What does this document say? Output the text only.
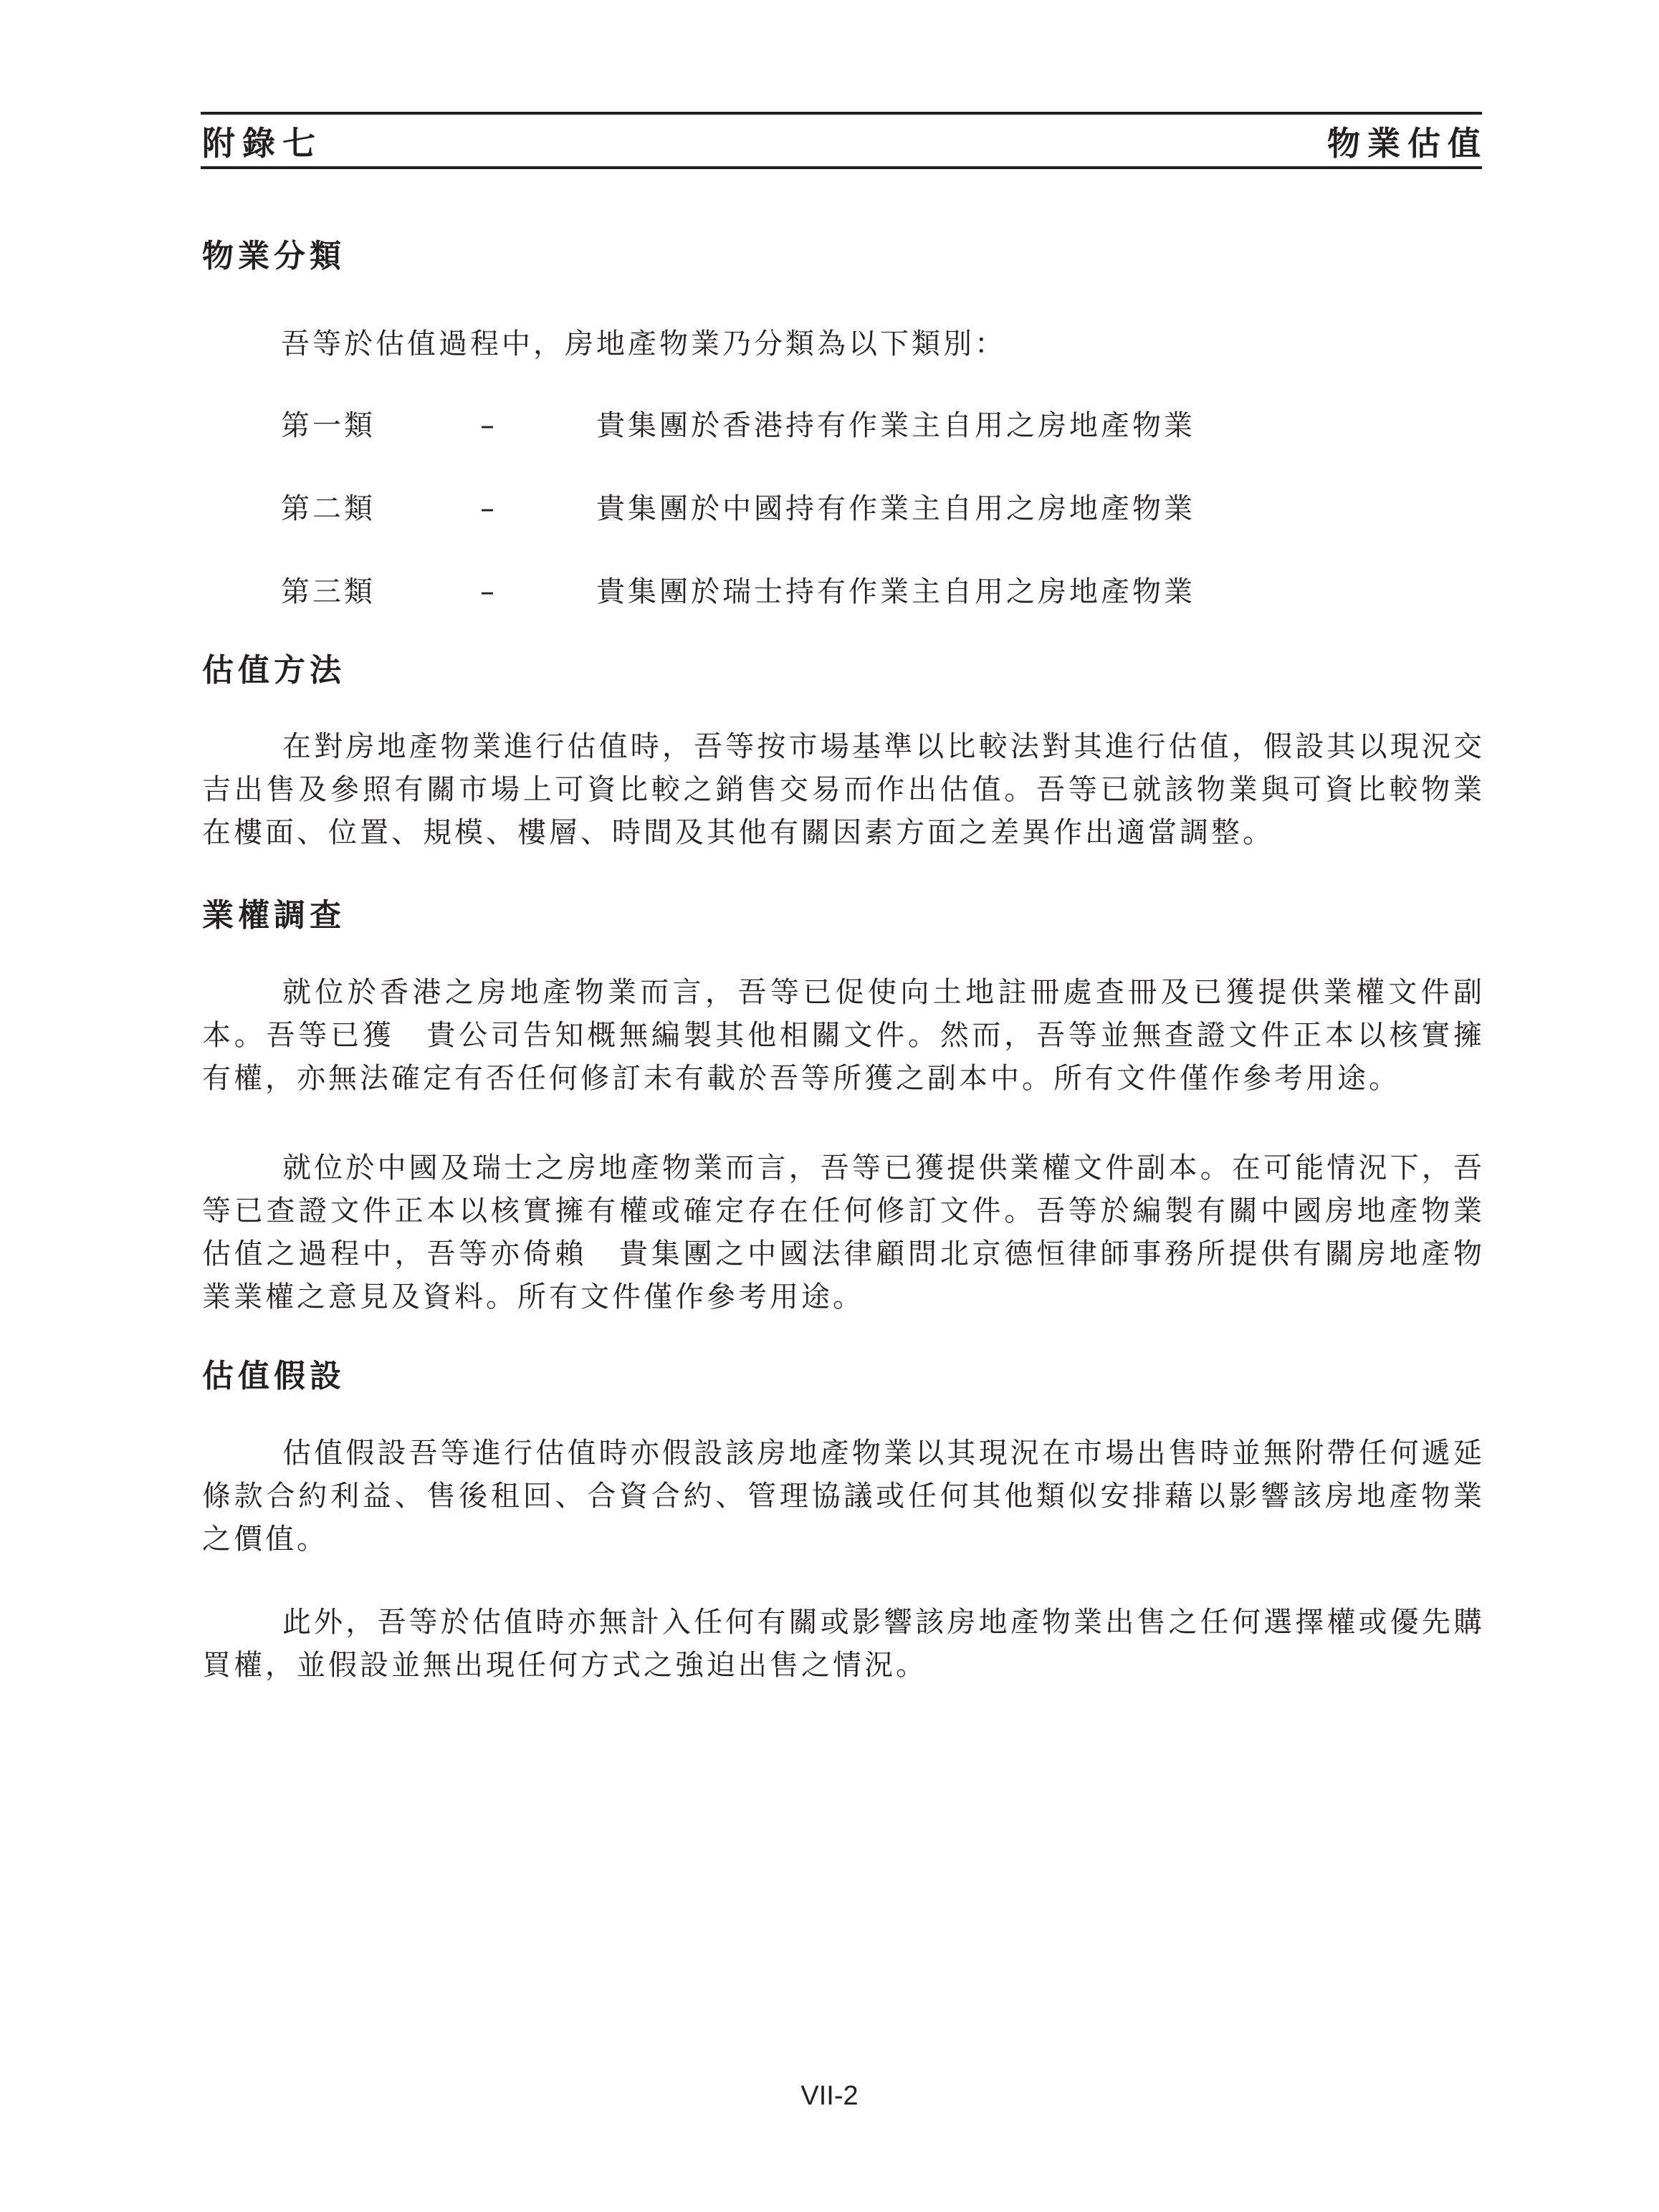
附錄七	物業估值
物業分類
吾等於估值過程中，房地產物業乃分類為以下類別：
第一類	–	貴集團於香港持有作業主自用之房地產物業
第二類	–	貴集團於中國持有作業主自用之房地產物業
第三類	–	貴集團於瑞士持有作業主自用之房地產物業
估值方法
在對房地產物業進行估值時，吾等按市場基準以比較法對其進行估值，假設其以現況交吉出售及參照有關市場上可資比較之銷售交易而作出估值。吾等已就該物業與可資比較物業在樓面、位置、規模、樓層、時間及其他有關因素方面之差異作出適當調整。
業權調查
就位於香港之房地產物業而言，吾等已促使向土地註冊處查冊及已獲提供業權文件副本。吾等已獲　貴公司告知概無編製其他相關文件。然而，吾等並無查證文件正本以核實擁有權，亦無法確定有否任何修訂未有載於吾等所獲之副本中。所有文件僅作參考用途。
就位於中國及瑞士之房地產物業而言，吾等已獲提供業權文件副本。在可能情況下，吾等已查證文件正本以核實擁有權或確定存在任何修訂文件。吾等於編製有關中國房地產物業估值之過程中，吾等亦倚賴　貴集團之中國法律顧問北京德恒律師事務所提供有關房地產物業業權之意見及資料。所有文件僅作參考用途。
估值假設
估值假設吾等進行估值時亦假設該房地產物業以其現況在市場出售時並無附帶任何遞延條款合約利益、售後租回、合資合約、管理協議或任何其他類似安排藉以影響該房地產物業之價值。
此外，吾等於估值時亦無計入任何有關或影響該房地產物業出售之任何選擇權或優先購買權，並假設並無出現任何方式之強迫出售之情況。
VII-2
